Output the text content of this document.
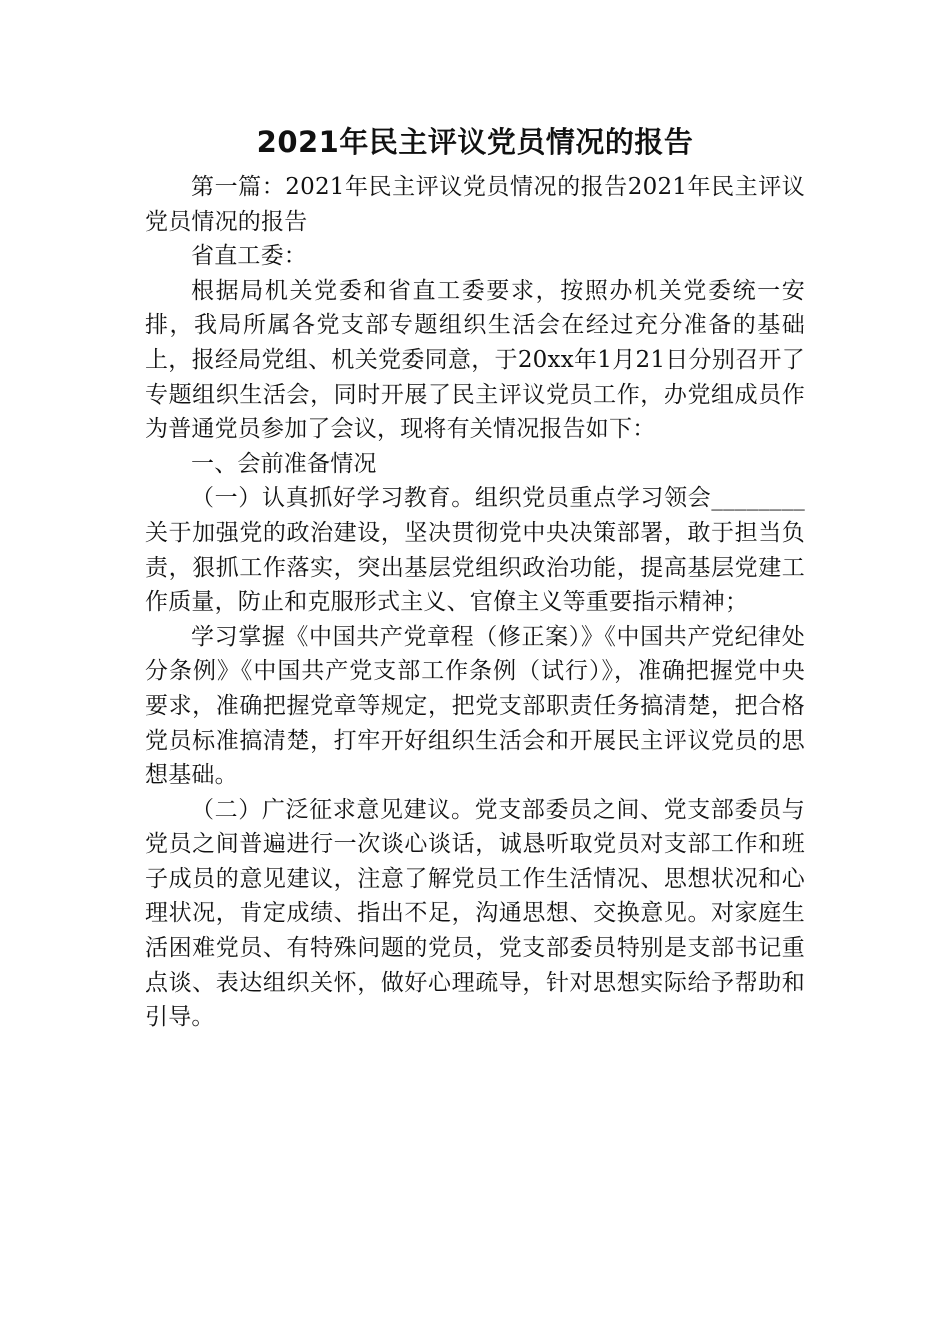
2021年民主评议党员情况的报告

第一篇：2021年民主评议党员情况的报告2021年民主评议党员情况的报告

省直工委：

根据局机关党委和省直工委要求，按照办机关党委统一安排，我局所属各党支部专题组织生活会在经过充分准备的基础上，报经局党组、机关党委同意，于20xx年1月21日分别召开了专题组织生活会，同时开展了民主评议党员工作，办党组成员作为普通党员参加了会议，现将有关情况报告如下：

一、会前准备情况

（一）认真抓好学习教育。组织党员重点学习领会________关于加强党的政治建设，坚决贯彻党中央决策部署，敢于担当负责，狠抓工作落实，突出基层党组织政治功能，提高基层党建工作质量，防止和克服形式主义、官僚主义等重要指示精神；

学习掌握《中国共产党章程（修正案）》《中国共产党纪律处分条例》《中国共产党支部工作条例（试行）》，准确把握党中央要求，准确把握党章等规定，把党支部职责任务搞清楚，把合格党员标准搞清楚，打牢开好组织生活会和开展民主评议党员的思想基础。

（二）广泛征求意见建议。党支部委员之间、党支部委员与党员之间普遍进行一次谈心谈话，诚恳听取党员对支部工作和班子成员的意见建议，注意了解党员工作生活情况、思想状况和心理状况，肯定成绩、指出不足，沟通思想、交换意见。对家庭生活困难党员、有特殊问题的党员，党支部委员特别是支部书记重点谈、表达组织关怀，做好心理疏导，针对思想实际给予帮助和引导。
